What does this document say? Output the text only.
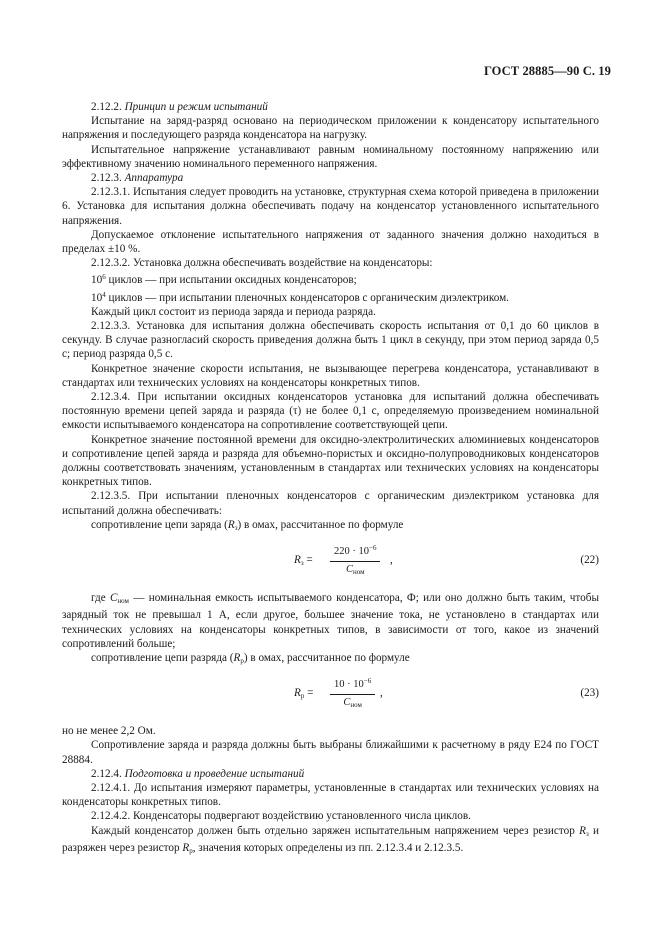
ГОСТ 28885—90 С. 19

2.12.2. Принцип и режим испытаний

Испытание на заряд-разряд основано на периодическом приложении к конденсатору испытательного напряжения и последующего разряда конденсатора на нагрузку.

Испытательное напряжение устанавливают равным номинальному постоянному напряжению или эффективному значению номинального переменного напряжения.

2.12.3. Аппаратура

2.12.3.1. Испытания следует проводить на установке, структурная схема которой приведена в приложении 6. Установка для испытания должна обеспечивать подачу на конденсатор установленного испытательного напряжения.

Допускаемое отклонение испытательного напряжения от заданного значения должно находиться в пределах ±10 %.

2.12.3.2. Установка должна обеспечивать воздействие на конденсаторы:

$10^6$ циклов — при испытании оксидных конденсаторов;

$10^4$ циклов — при испытании пленочных конденсаторов с органическим диэлектриком.

Каждый цикл состоит из периода заряда и периода разряда.

2.12.3.3. Установка для испытания должна обеспечивать скорость испытания от 0,1 до 60 циклов в секунду. В случае разногласий скорость приведения должна быть 1 цикл в секунду, при этом период заряда 0,5 с; период разряда 0,5 с.

Конкретное значение скорости испытания, не вызывающее перегрева конденсатора, устанавливают в стандартах или технических условиях на конденсаторы конкретных типов.

2.12.3.4. При испытании оксидных конденсаторов установка для испытаний должна обеспечивать постоянную времени цепей заряда и разряда (τ) не более 0,1 с, определяемую произведением номинальной емкости испытываемого конденсатора на сопротивление соответствующей цепи.

Конкретное значение постоянной времени для оксидно-электролитических алюминиевых конденсаторов и сопротивление цепей заряда и разряда для объемно-пористых и оксидно-полупроводниковых конденсаторов должны соответствовать значениям, установленным в стандартах или технических условиях на конденсаторы конкретных типов.

2.12.3.5. При испытании пленочных конденсаторов с органическим диэлектриком установка для испытаний должна обеспечивать:

сопротивление цепи заряда $(R_з)$ в омах, рассчитанное по формуле

$R_з$ =
$220 \cdot 10^{-6}$
$C_{ном}$
,	(22)

где $C_{ном}$ — номинальная емкость испытываемого конденсатора, Ф; или оно должно быть таким, чтобы зарядный ток не превышал 1 А, если другое, большее значение тока, не установлено в стандартах или технических условиях на конденсаторы конкретных типов, в зависимости от того, какое из значений сопротивлений больше;

сопротивление цепи разряда $(R_р)$ в омах, рассчитанное по формуле

$R_р$ =
$10 \cdot 10^{-6}$
$C_{ном}$
,	(23)

но не менее 2,2 Ом.

Сопротивление заряда и разряда должны быть выбраны ближайшими к расчетному в ряду Е24 по ГОСТ 28884.

2.12.4. Подготовка и проведение испытаний

2.12.4.1. До испытания измеряют параметры, установленные в стандартах или технических условиях на конденсаторы конкретных типов.

2.12.4.2. Конденсаторы подвергают воздействию установленного числа циклов.

Каждый конденсатор должен быть отдельно заряжен испытательным напряжением через резистор $R_з$ и разряжен через резистор $R_р$, значения которых определены из пп. 2.12.3.4 и 2.12.3.5.
